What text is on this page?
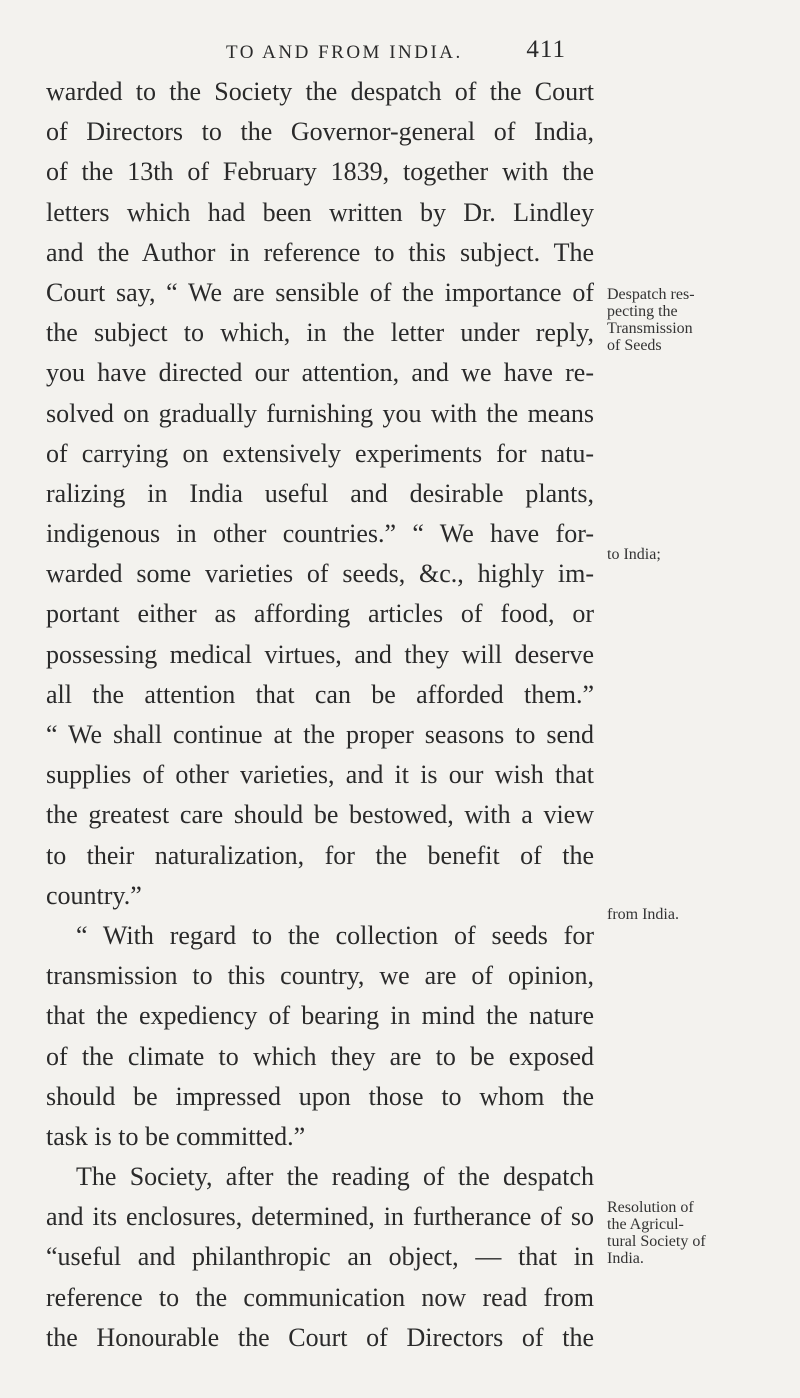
TO AND FROM INDIA.	411
warded to the Society the despatch of the Court
of Directors to the Governor-general of India,
of the 13th of February 1839, together with the
letters which had been written by Dr. Lindley
and the Author in reference to this subject. The
Court say, “ We are sensible of the importance of
the subject to which, in the letter under reply,
you have directed our attention, and we have re-
solved on gradually furnishing you with the means
of carrying on extensively experiments for natu-
ralizing in India useful and desirable plants,
indigenous in other countries.” “ We have for-
warded some varieties of seeds, &c., highly im-
portant either as affording articles of food, or
possessing medical virtues, and they will deserve
all the attention that can be afforded them.”
“ We shall continue at the proper seasons to send
supplies of other varieties, and it is our wish that
the greatest care should be bestowed, with a view
to their naturalization, for the benefit of the
country.”
“ With regard to the collection of seeds for
transmission to this country, we are of opinion,
that the expediency of bearing in mind the nature
of the climate to which they are to be exposed
should be impressed upon those to whom the
task is to be committed.”
The Society, after the reading of the despatch
and its enclosures, determined, in furtherance of so
“useful and philanthropic an object, — that in
reference to the communication now read from
the Honourable the Court of Directors of the
Despatch res-
pecting the
Transmission
of Seeds
to India;
from India.
Resolution of
the Agricul-
tural Society of
India.
